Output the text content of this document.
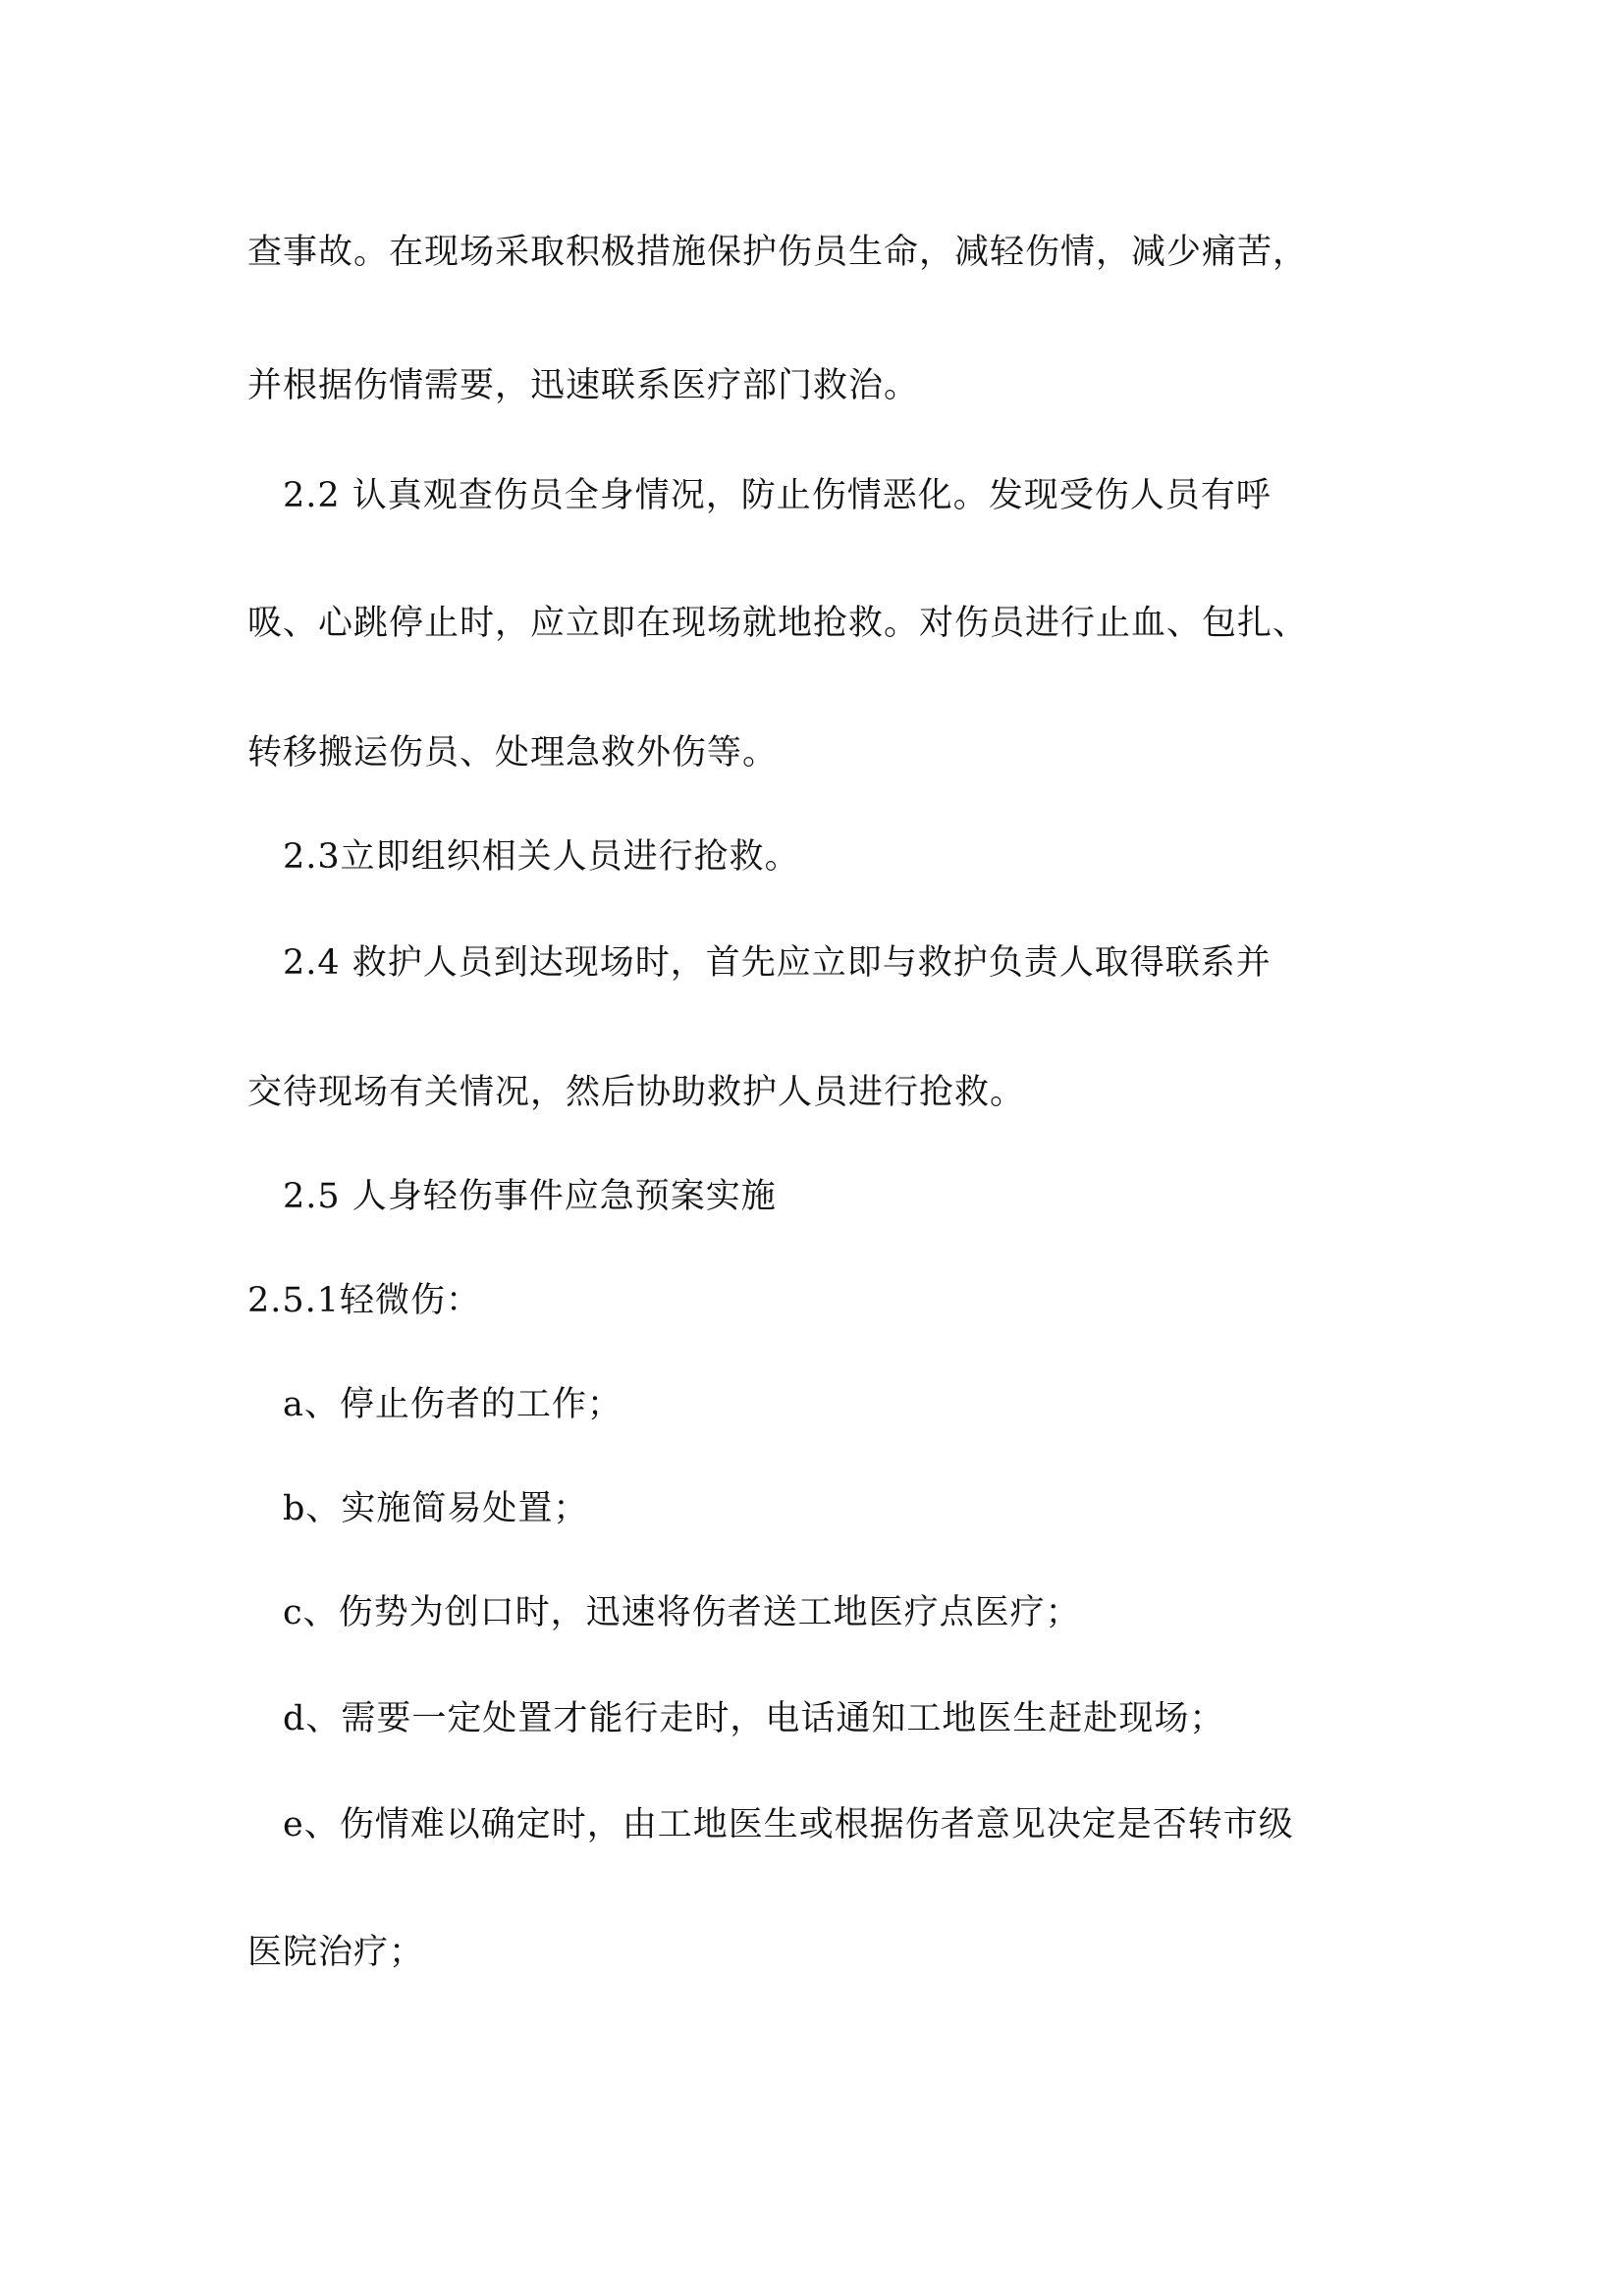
查事故。在现场采取积极措施保护伤员生命，减轻伤情，减少痛苦，
并根据伤情需要，迅速联系医疗部门救治。
2.2 认真观查伤员全身情况，防止伤情恶化。发现受伤人员有呼
吸、心跳停止时，应立即在现场就地抢救。对伤员进行止血、包扎、
转移搬运伤员、处理急救外伤等。
2.3立即组织相关人员进行抢救。
2.4 救护人员到达现场时，首先应立即与救护负责人取得联系并
交待现场有关情况，然后协助救护人员进行抢救。
2.5 人身轻伤事件应急预案实施
2.5.1轻微伤：
a、停止伤者的工作；
b、实施简易处置；
c、伤势为创口时，迅速将伤者送工地医疗点医疗；
d、需要一定处置才能行走时，电话通知工地医生赶赴现场；
e、伤情难以确定时，由工地医生或根据伤者意见决定是否转市级
医院治疗；
